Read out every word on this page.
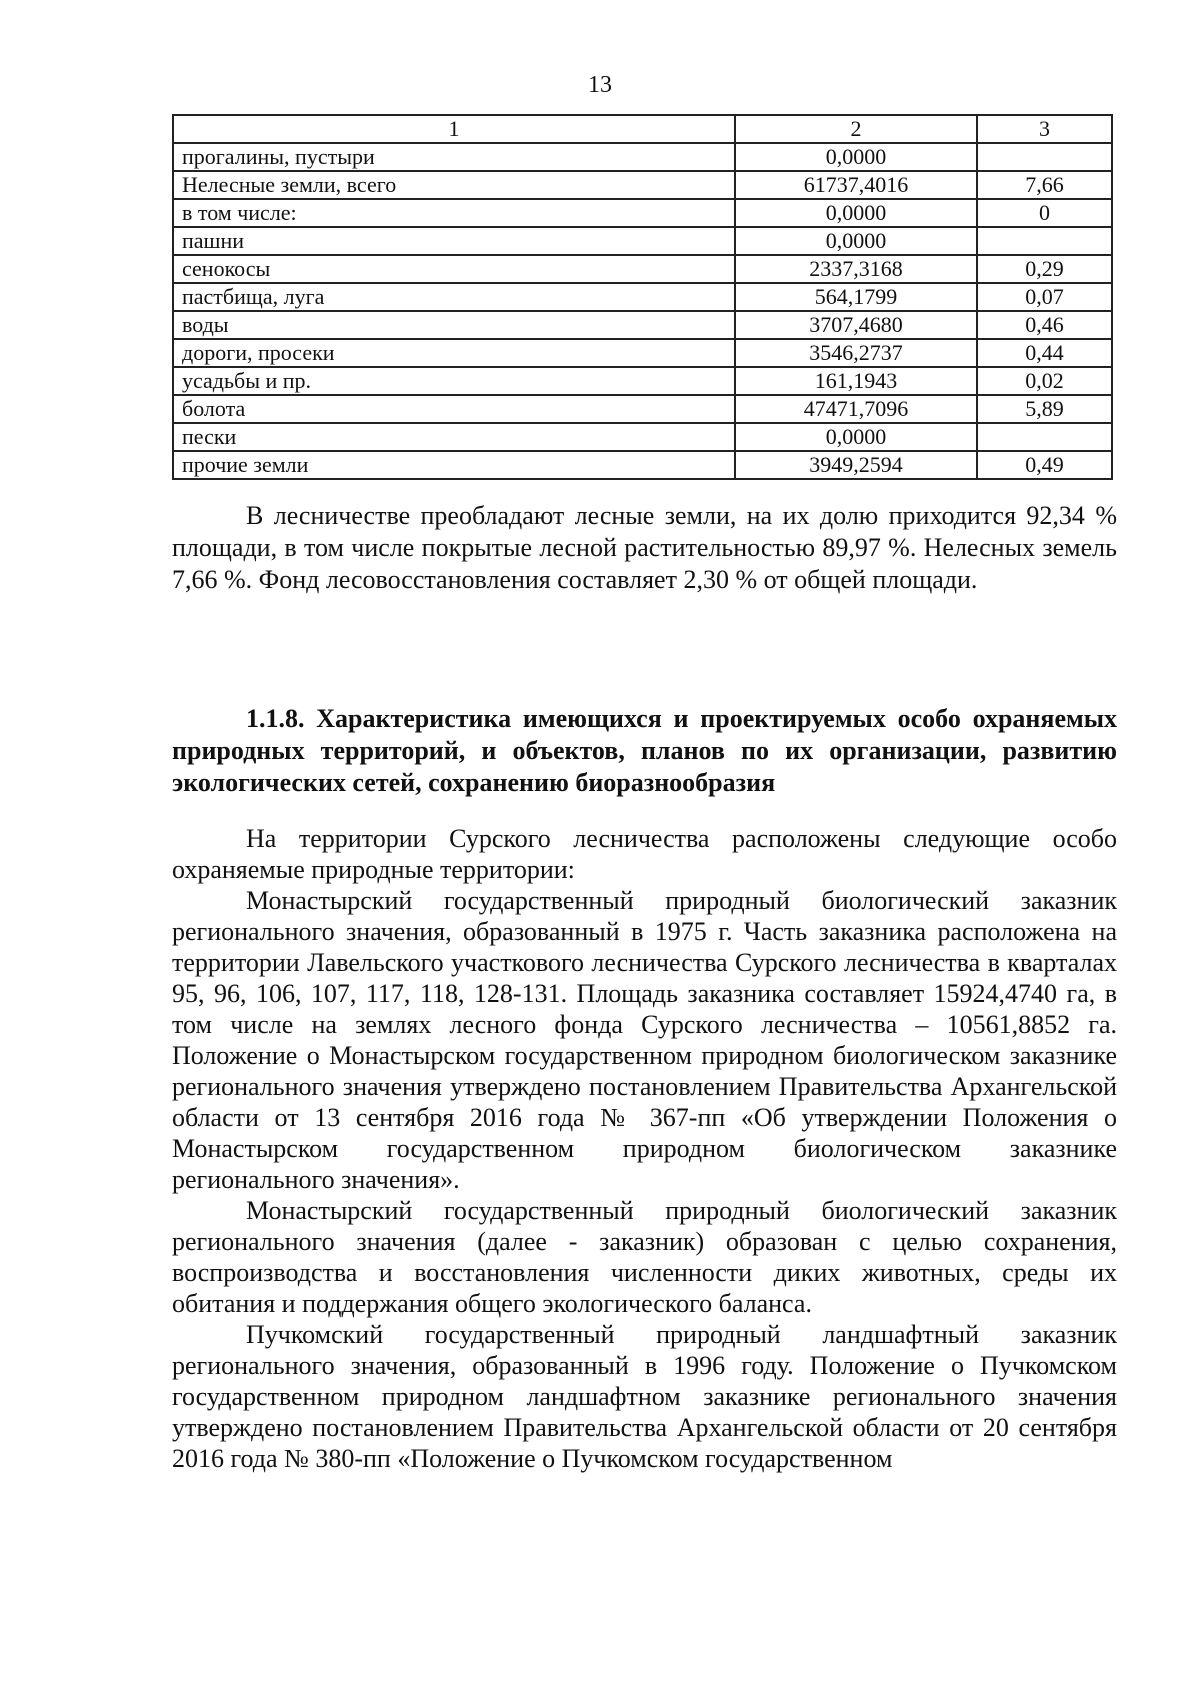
13
1	2	3
прогалины, пустыри	0,0000	
Нелесные земли, всего	61737,4016	7,66
в том числе:	0,0000	0
пашни	0,0000	
сенокосы	2337,3168	0,29
пастбища, луга	564,1799	0,07
воды	3707,4680	0,46
дороги, просеки	3546,2737	0,44
усадьбы и пр.	161,1943	0,02
болота	47471,7096	5,89
пески	0,0000	
прочие земли	3949,2594	0,49

В лесничестве преобладают лесные земли, на их долю приходится 92,34 % площади, в том числе покрытые лесной растительностью 89,97 %. Нелесных земель 7,66 %. Фонд лесовосстановления составляет 2,30 % от общей площади.

1.1.8. Характеристика имеющихся и проектируемых особо охраняемых природных территорий, и объектов, планов по их организации, развитию экологических сетей, сохранению биоразнообразия

На территории Сурского лесничества расположены следующие особо охраняемые природные территории:

Монастырский государственный природный биологический заказник регионального значения, образованный в 1975 г. Часть заказника расположена на территории Лавельского участкового лесничества Сурского лесничества в кварталах 95, 96, 106, 107, 117, 118, 128-131. Площадь заказника составляет 15924,4740 га, в том числе на землях лесного фонда Сурского лесничества – 10561,8852 га. Положение о Монастырском государственном природном биологическом заказнике регионального значения утверждено постановлением Правительства Архангельской области от 13 сентября 2016 года № 367-пп «Об утверждении Положения о Монастырском государственном природном биологическом заказнике регионального значения».

Монастырский государственный природный биологический заказник регионального значения (далее - заказник) образован с целью сохранения, воспроизводства и восстановления численности диких животных, среды их обитания и поддержания общего экологического баланса.

Пучкомский государственный природный ландшафтный заказник регионального значения, образованный в 1996 году. Положение о Пучкомском государственном природном ландшафтном заказнике регионального значения утверждено постановлением Правительства Архангельской области от 20 сентября 2016 года № 380-пп «Положение о Пучкомском государственном
